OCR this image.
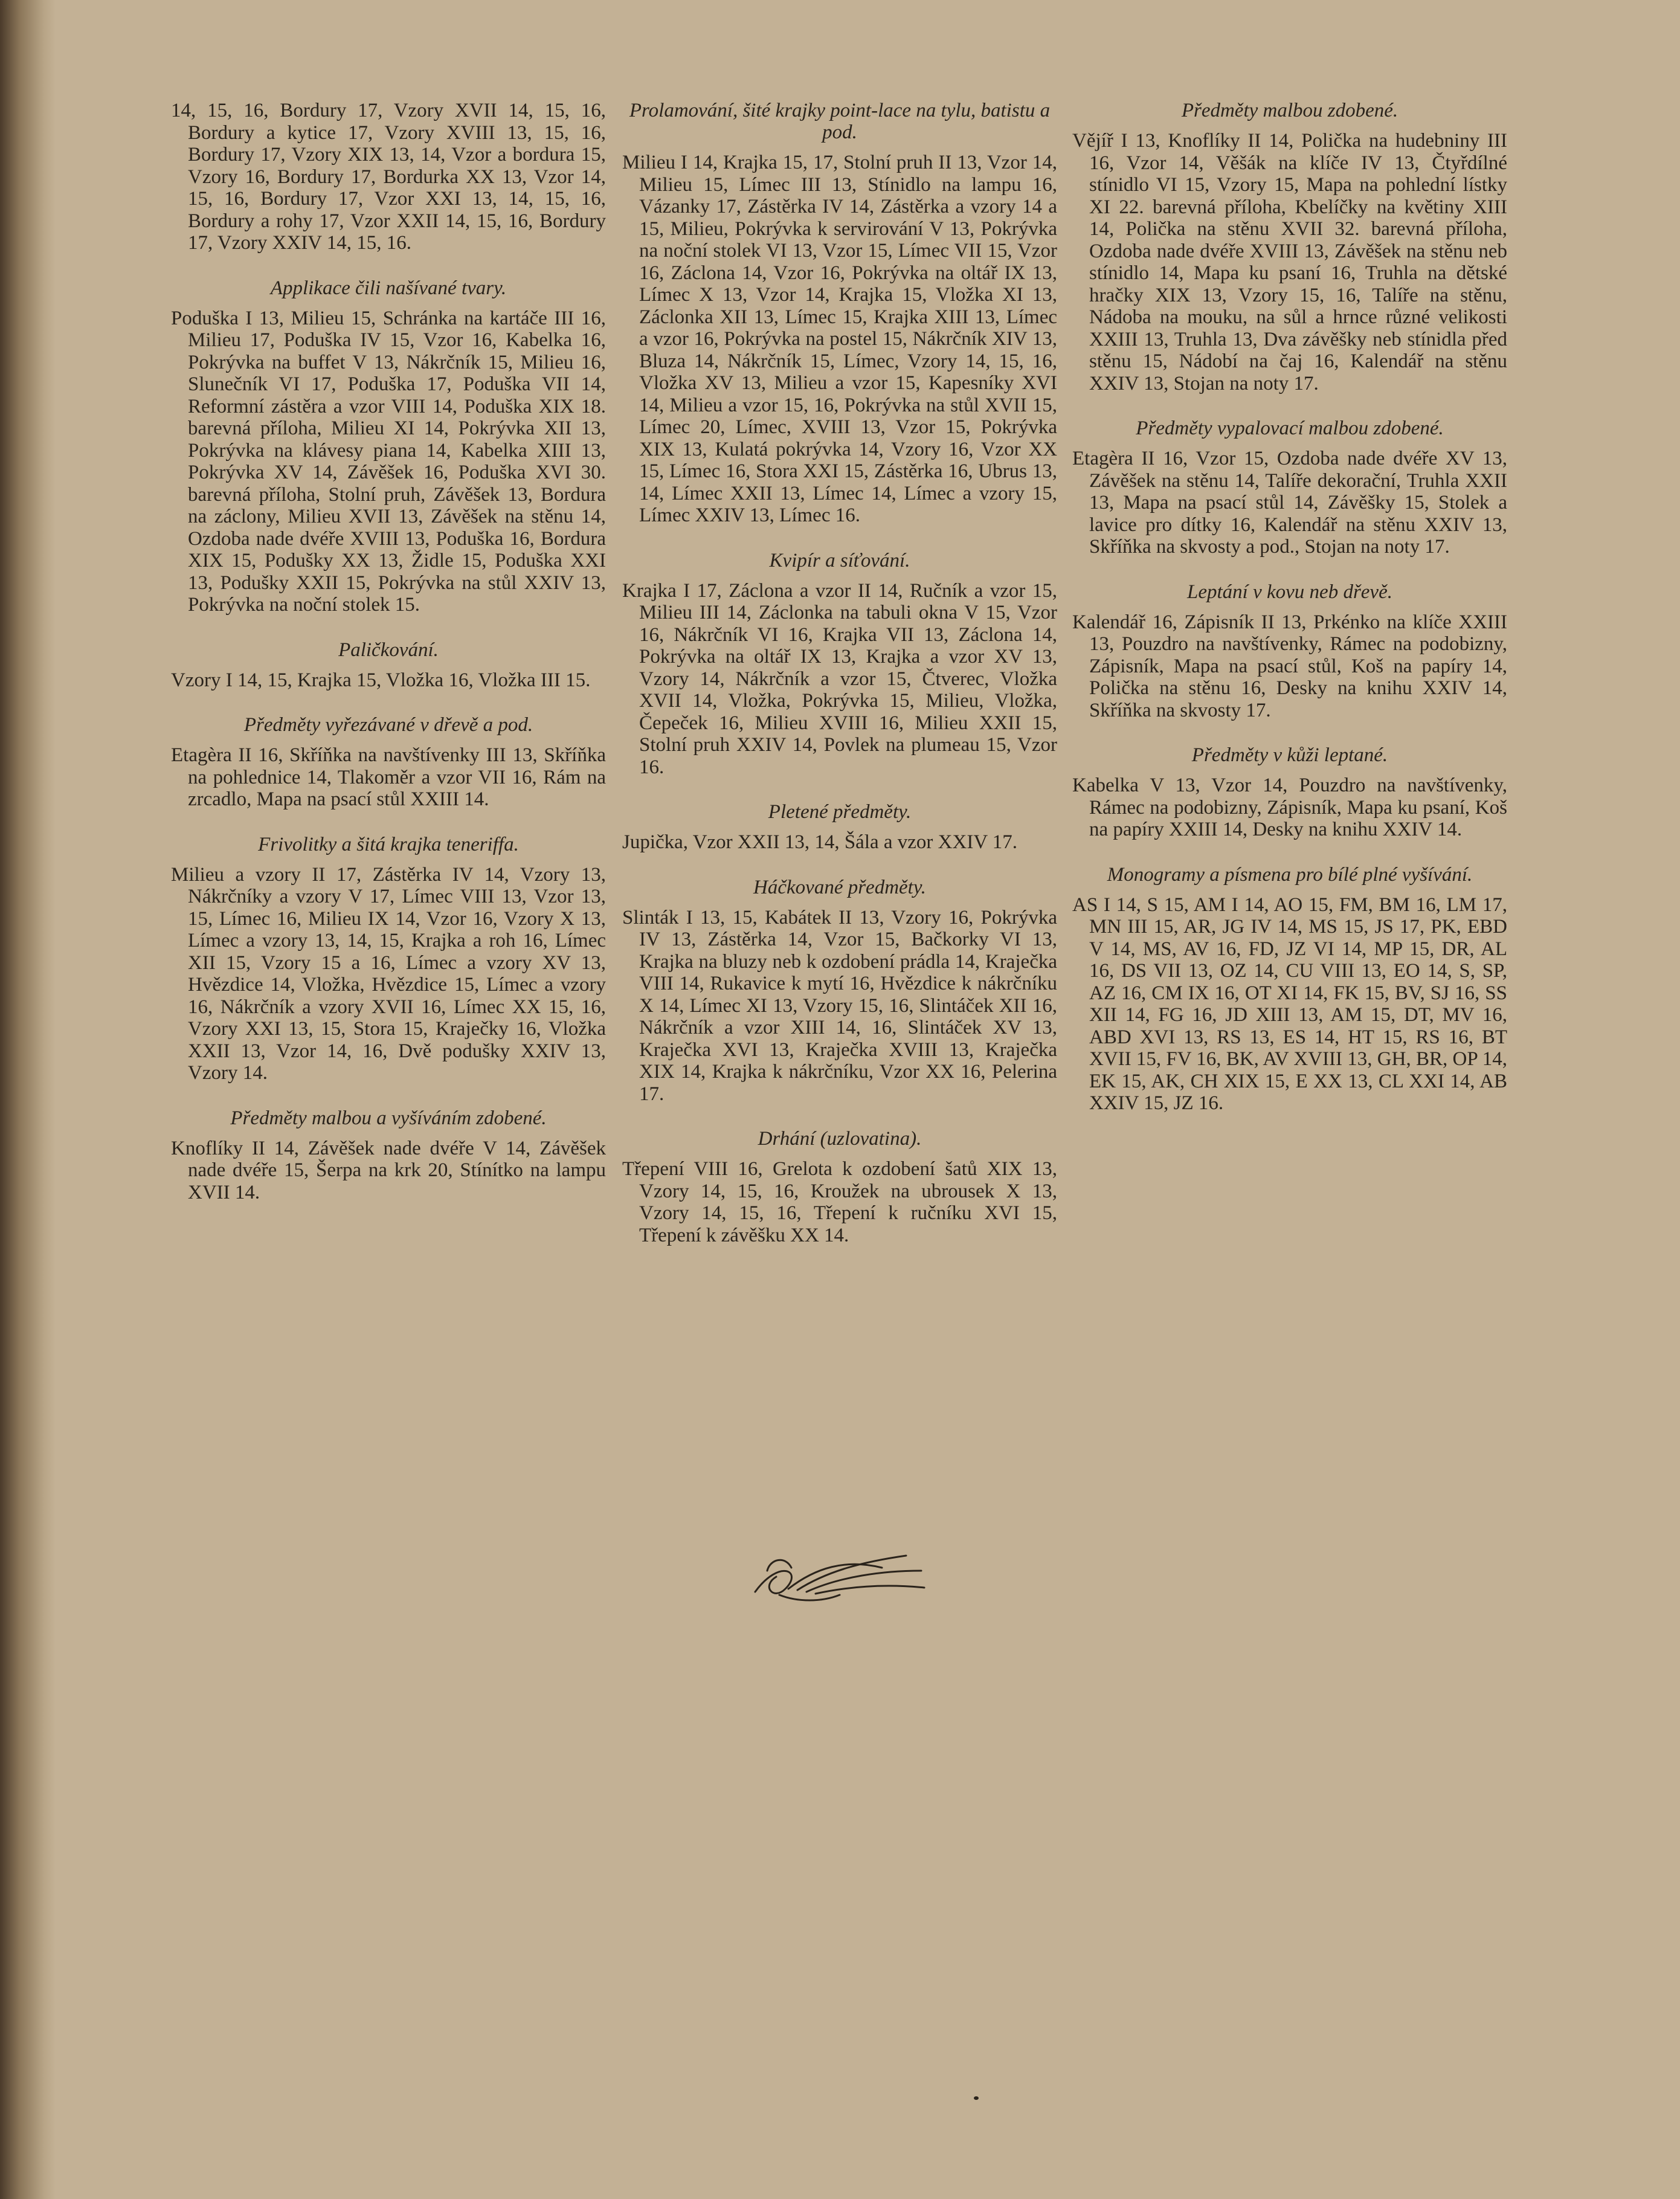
14, 15, 16, Bordury 17, Vzory XVII 14, 15, 16, Bordury a kytice 17, Vzory XVIII 13, 15, 16, Bordury 17, Vzory XIX 13, 14, Vzor a bordura 15, Vzory 16, Bordury 17, Bordurka XX 13, Vzor 14, 15, 16, Bordury 17, Vzor XXI 13, 14, 15, 16, Bordury a rohy 17, Vzor XXII 14, 15, 16, Bordury 17, Vzory XXIV 14, 15, 16.
Applikace čili našívané tvary.
Poduška I 13, Milieu 15, Schránka na kartáče III 16, Milieu 17, Poduška IV 15, Vzor 16, Kabelka 16, Pokrývka na buffet V 13, Nákrčník 15, Milieu 16, Slunečník VI 17, Poduška 17, Poduška VII 14, Reformní zástěra a vzor VIII 14, Poduška XIX 18. barevná příloha, Milieu XI 14, Pokrývka XII 13, Pokrývka na klávesy piana 14, Kabelka XIII 13, Pokrývka XV 14, Závěšek 16, Poduška XVI 30. barevná příloha, Stolní pruh, Závěšek 13, Bordura na záclony, Milieu XVII 13, Závěšek na stěnu 14, Ozdoba nade dvéře XVIII 13, Poduška 16, Bordura XIX 15, Podušky XX 13, Židle 15, Poduška XXI 13, Podušky XXII 15, Pokrývka na stůl XXIV 13, Pokrývka na noční stolek 15.
Paličkování.
Vzory I 14, 15, Krajka 15, Vložka 16, Vložka III 15.
Předměty vyřezávané v dřevě a pod.
Etagèra II 16, Skříňka na navštívenky III 13, Skříňka na pohlednice 14, Tlakoměr a vzor VII 16, Rám na zrcadlo, Mapa na psací stůl XXIII 14.
Frivolitky a šitá krajka teneriffa.
Milieu a vzory II 17, Zástěrka IV 14, Vzory 13, Nákrčníky a vzory V 17, Límec VIII 13, Vzor 13, 15, Límec 16, Milieu IX 14, Vzor 16, Vzory X 13, Límec a vzory 13, 14, 15, Krajka a roh 16, Límec XII 15, Vzory 15 a 16, Límec a vzory XV 13, Hvězdice 14, Vložka, Hvězdice 15, Límec a vzory 16, Nákrčník a vzory XVII 16, Límec XX 15, 16, Vzory XXI 13, 15, Stora 15, Kraječky 16, Vložka XXII 13, Vzor 14, 16, Dvě podušky XXIV 13, Vzory 14.
Předměty malbou a vyšíváním zdobené.
Knoflíky II 14, Závěšek nade dvéře V 14, Závěšek nade dvéře 15, Šerpa na krk 20, Stínítko na lampu XVII 14.
Prolamování, šité krajky point-lace na tylu, batistu a pod.
Milieu I 14, Krajka 15, 17, Stolní pruh II 13, Vzor 14, Milieu 15, Límec III 13, Stínidlo na lampu 16, Vázanky 17, Zástěrka IV 14, Zástěrka a vzory 14 a 15, Milieu, Pokrývka k servirování V 13, Pokrývka na noční stolek VI 13, Vzor 15, Límec VII 15, Vzor 16, Záclona 14, Vzor 16, Pokrývka na oltář IX 13, Límec X 13, Vzor 14, Krajka 15, Vložka XI 13, Záclonka XII 13, Límec 15, Krajka XIII 13, Límec a vzor 16, Pokrývka na postel 15, Nákrčník XIV 13, Bluza 14, Nákrčník 15, Límec, Vzory 14, 15, 16, Vložka XV 13, Milieu a vzor 15, Kapesníky XVI 14, Milieu a vzor 15, 16, Pokrývka na stůl XVII 15, Límec 20, Límec, XVIII 13, Vzor 15, Pokrývka XIX 13, Kulatá pokrývka 14, Vzory 16, Vzor XX 15, Límec 16, Stora XXI 15, Zástěrka 16, Ubrus 13, 14, Límec XXII 13, Límec 14, Límec a vzory 15, Límec XXIV 13, Límec 16.
Kvipír a síťování.
Krajka I 17, Záclona a vzor II 14, Ručník a vzor 15, Milieu III 14, Záclonka na tabuli okna V 15, Vzor 16, Nákrčník VI 16, Krajka VII 13, Záclona 14, Pokrývka na oltář IX 13, Krajka a vzor XV 13, Vzory 14, Nákrčník a vzor 15, Čtverec, Vložka XVII 14, Vložka, Pokrývka 15, Milieu, Vložka, Čepeček 16, Milieu XVIII 16, Milieu XXII 15, Stolní pruh XXIV 14, Povlek na plumeau 15, Vzor 16.
Pletené předměty.
Jupička, Vzor XXII 13, 14, Šála a vzor XXIV 17.
Háčkované předměty.
Slinták I 13, 15, Kabátek II 13, Vzory 16, Pokrývka IV 13, Zástěrka 14, Vzor 15, Bačkorky VI 13, Krajka na bluzy neb k ozdobení prádla 14, Kraječka VIII 14, Rukavice k mytí 16, Hvězdice k nákrčníku X 14, Límec XI 13, Vzory 15, 16, Slintáček XII 16, Nákrčník a vzor XIII 14, 16, Slintáček XV 13, Kraječka XVI 13, Kraječka XVIII 13, Kraječka XIX 14, Krajka k nákrčníku, Vzor XX 16, Pelerina 17.
Drhání (uzlovatina).
Třepení VIII 16, Grelota k ozdobení šatů XIX 13, Vzory 14, 15, 16, Kroužek na ubrousek X 13, Vzory 14, 15, 16, Třepení k ručníku XVI 15, Třepení k závěšku XX 14.
Předměty malbou zdobené.
Vějíř I 13, Knoflíky II 14, Polička na hudebniny III 16, Vzor 14, Věšák na klíče IV 13, Čtyřdílné stínidlo VI 15, Vzory 15, Mapa na pohlední lístky XI 22. barevná příloha, Kbelíčky na květiny XIII 14, Polička na stěnu XVII 32. barevná příloha, Ozdoba nade dvéře XVIII 13, Závěšek na stěnu neb stínidlo 14, Mapa ku psaní 16, Truhla na dětské hračky XIX 13, Vzory 15, 16, Talíře na stěnu, Nádoba na mouku, na sůl a hrnce různé velikosti XXIII 13, Truhla 13, Dva závěšky neb stínidla před stěnu 15, Nádobí na čaj 16, Kalendář na stěnu XXIV 13, Stojan na noty 17.
Předměty vypalovací malbou zdobené.
Etagèra II 16, Vzor 15, Ozdoba nade dvéře XV 13, Závěšek na stěnu 14, Talíře dekorační, Truhla XXII 13, Mapa na psací stůl 14, Závěšky 15, Stolek a lavice pro dítky 16, Kalendář na stěnu XXIV 13, Skříňka na skvosty a pod., Stojan na noty 17.
Leptání v kovu neb dřevě.
Kalendář 16, Zápisník II 13, Prkénko na klíče XXIII 13, Pouzdro na navštívenky, Rámec na podobizny, Zápisník, Mapa na psací stůl, Koš na papíry 14, Polička na stěnu 16, Desky na knihu XXIV 14, Skříňka na skvosty 17.
Předměty v kůži leptané.
Kabelka V 13, Vzor 14, Pouzdro na navštívenky, Rámec na podobizny, Zápisník, Mapa ku psaní, Koš na papíry XXIII 14, Desky na knihu XXIV 14.
Monogramy a písmena pro bílé plné vyšívání.
AS I 14, S 15, AM I 14, AO 15, FM, BM 16, LM 17, MN III 15, AR, JG IV 14, MS 15, JS 17, PK, EBD V 14, MS, AV 16, FD, JZ VI 14, MP 15, DR, AL 16, DS VII 13, OZ 14, CU VIII 13, EO 14, S, SP, AZ 16, CM IX 16, OT XI 14, FK 15, BV, SJ 16, SS XII 14, FG 16, JD XIII 13, AM 15, DT, MV 16, ABD XVI 13, RS 13, ES 14, HT 15, RS 16, BT XVII 15, FV 16, BK, AV XVIII 13, GH, BR, OP 14, EK 15, AK, CH XIX 15, E XX 13, CL XXI 14, AB XXIV 15, JZ 16.
